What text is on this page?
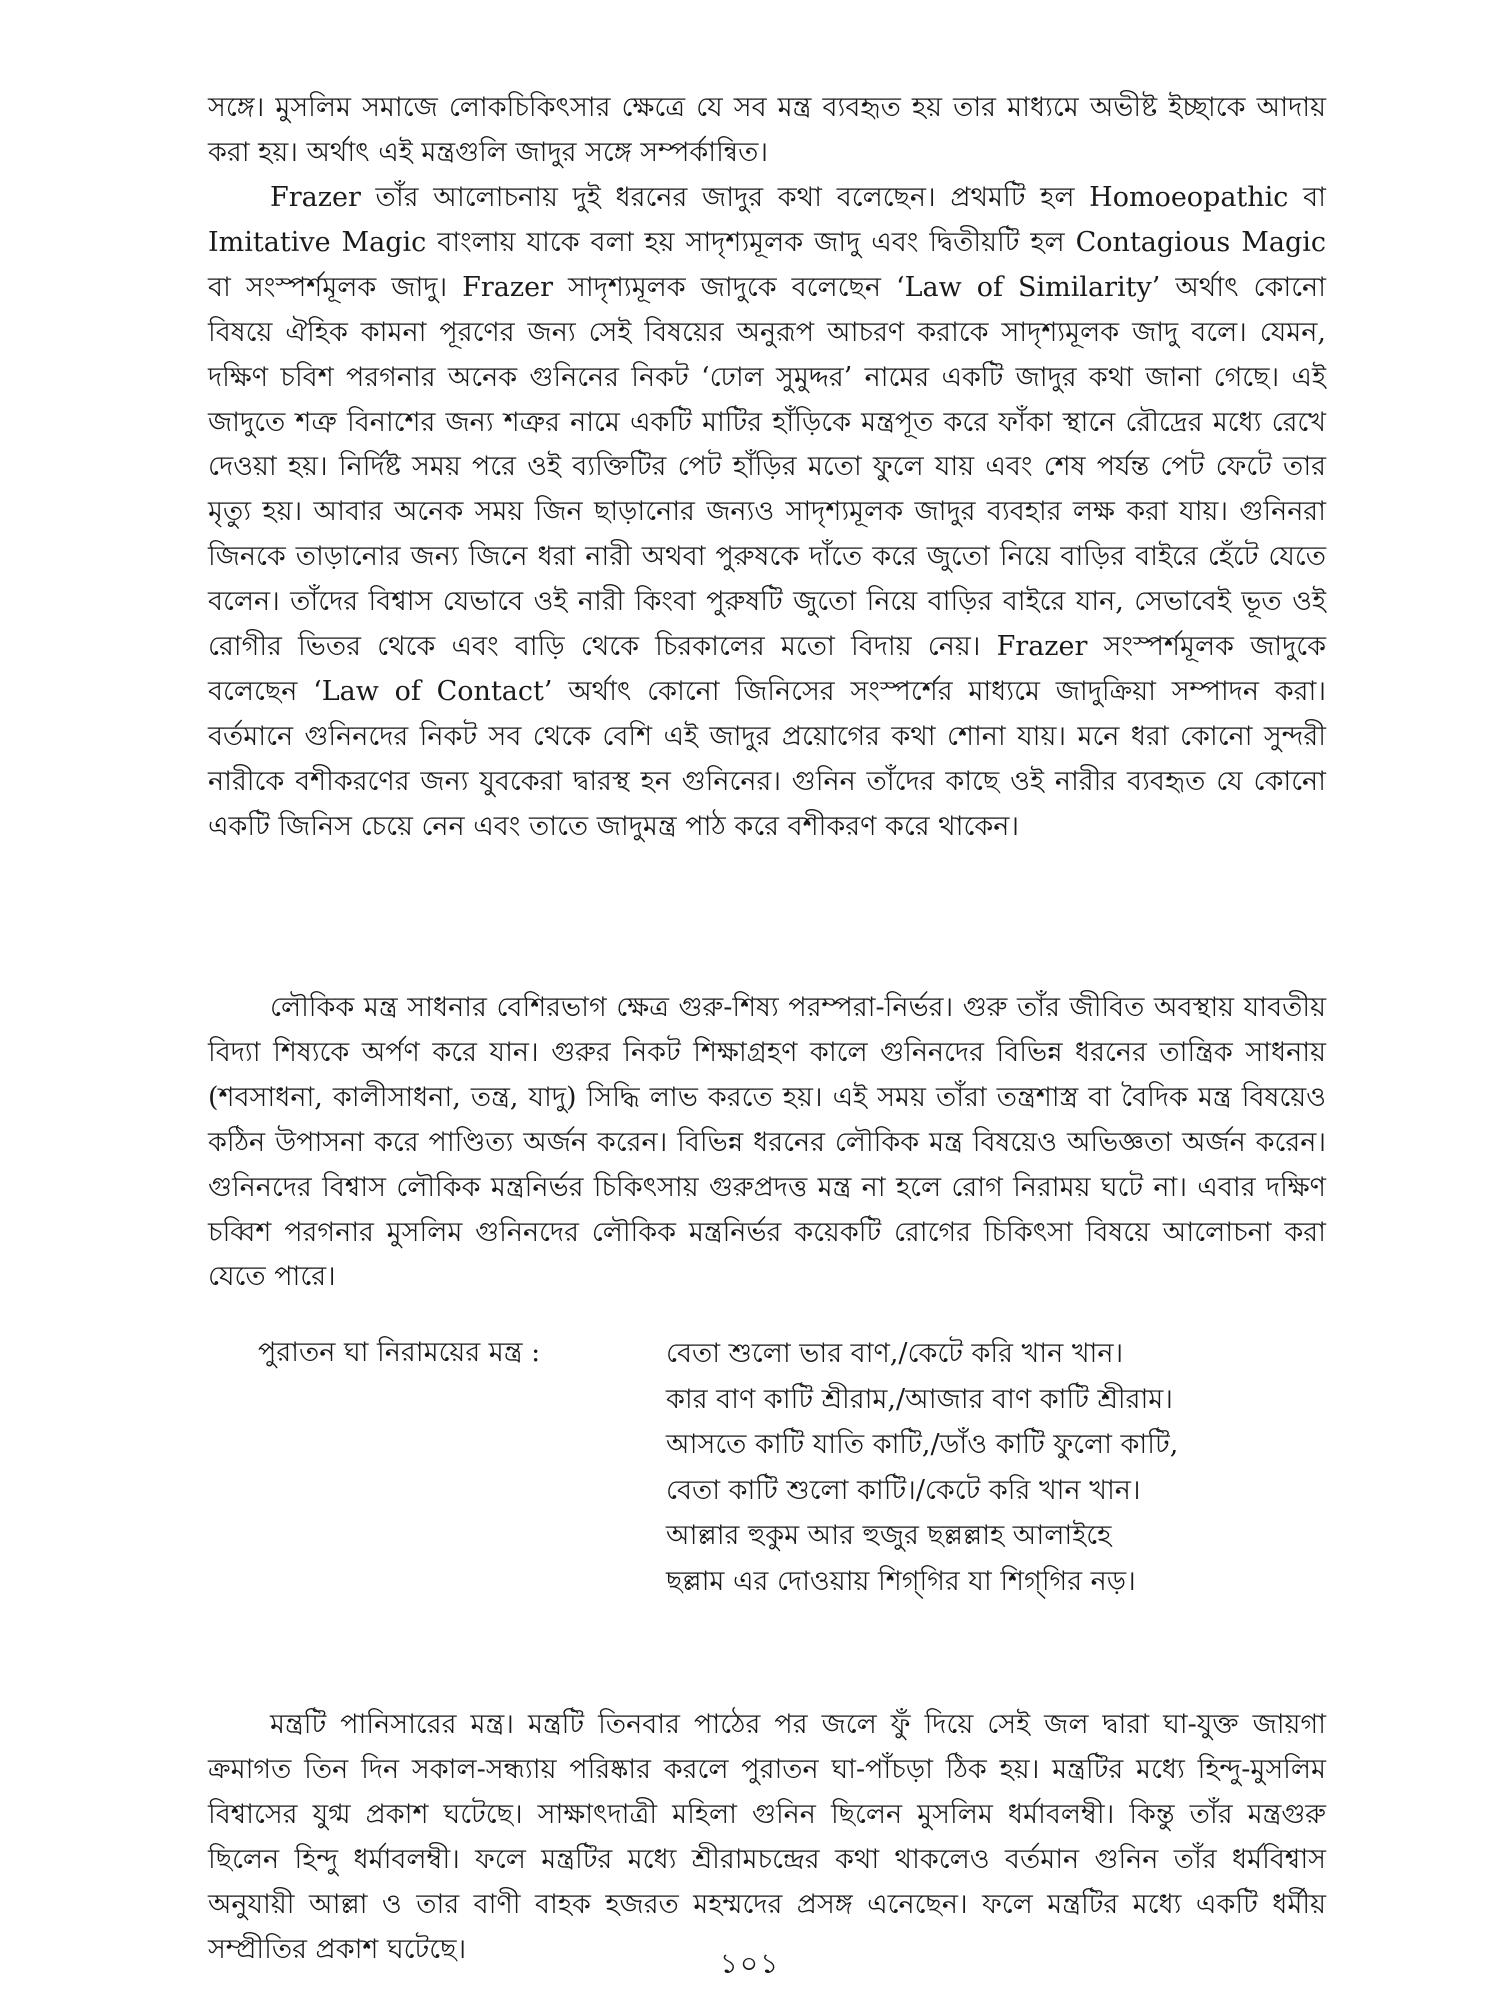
সঙ্গে। মুসলিম সমাজে লোকচিকিৎসার ক্ষেত্রে যে সব মন্ত্র ব্যবহৃত হয় তার মাধ্যমে অভীষ্ট ইচ্ছাকে আদায় করা হয়। অর্থাৎ এই মন্ত্রগুলি জাদুর সঙ্গে সম্পর্কান্বিত।

Frazer তাঁর আলোচনায় দুই ধরনের জাদুর কথা বলেছেন। প্রথমটি হল Homoeopathic বা Imitative Magic বাংলায় যাকে বলা হয় সাদৃশ্যমূলক জাদু এবং দ্বিতীয়টি হল Contagious Magic বা সংস্পর্শমূলক জাদু। Frazer সাদৃশ্যমূলক জাদুকে বলেছেন ‘Law of Similarity’ অর্থাৎ কোনো বিষয়ে ঐহিক কামনা পূরণের জন্য সেই বিষয়ের অনুরূপ আচরণ করাকে সাদৃশ্যমূলক জাদু বলে। যেমন, দক্ষিণ চবিশ পরগনার অনেক গুনিনের নিকট ‘ঢোল সুমুদ্দর’ নামের একটি জাদুর কথা জানা গেছে। এই জাদুতে শত্রু বিনাশের জন্য শত্রুর নামে একটি মাটির হাঁড়িকে মন্ত্রপূত করে ফাঁকা স্থানে রৌদ্রের মধ্যে রেখে দেওয়া হয়। নির্দিষ্ট সময় পরে ওই ব্যক্তিটির পেট হাঁড়ির মতো ফুলে যায় এবং শেষ পর্যন্ত পেট ফেটে তার মৃত্যু হয়। আবার অনেক সময় জিন ছাড়ানোর জন্যও সাদৃশ্যমূলক জাদুর ব্যবহার লক্ষ করা যায়। গুনিনরা জিনকে তাড়ানোর জন্য জিনে ধরা নারী অথবা পুরুষকে দাঁতে করে জুতো নিয়ে বাড়ির বাইরে হেঁটে যেতে বলেন। তাঁদের বিশ্বাস যেভাবে ওই নারী কিংবা পুরুষটি জুতো নিয়ে বাড়ির বাইরে যান, সেভাবেই ভূত ওই রোগীর ভিতর থেকে এবং বাড়ি থেকে চিরকালের মতো বিদায় নেয়। Frazer সংস্পর্শমূলক জাদুকে বলেছেন ‘Law of Contact’ অর্থাৎ কোনো জিনিসের সংস্পর্শের মাধ্যমে জাদুক্রিয়া সম্পাদন করা। বর্তমানে গুনিনদের নিকট সব থেকে বেশি এই জাদুর প্রয়োগের কথা শোনা যায়। মনে ধরা কোনো সুন্দরী নারীকে বশীকরণের জন্য যুবকেরা দ্বারস্থ হন গুনিনের। গুনিন তাঁদের কাছে ওই নারীর ব্যবহৃত যে কোনো একটি জিনিস চেয়ে নেন এবং তাতে জাদুমন্ত্র পাঠ করে বশীকরণ করে থাকেন।

লৌকিক মন্ত্র সাধনার বেশিরভাগ ক্ষেত্র গুরু-শিষ্য পরম্পরা-নির্ভর। গুরু তাঁর জীবিত অবস্থায় যাবতীয় বিদ্যা শিষ্যকে অর্পণ করে যান। গুরুর নিকট শিক্ষাগ্রহণ কালে গুনিনদের বিভিন্ন ধরনের তান্ত্রিক সাধনায় (শবসাধনা, কালীসাধনা, তন্ত্র, যাদু) সিদ্ধি লাভ করতে হয়। এই সময় তাঁরা তন্ত্রশাস্ত্র বা বৈদিক মন্ত্র বিষয়েও কঠিন উপাসনা করে পাণ্ডিত্য অর্জন করেন। বিভিন্ন ধরনের লৌকিক মন্ত্র বিষয়েও অভিজ্ঞতা অর্জন করেন। গুনিনদের বিশ্বাস লৌকিক মন্ত্রনির্ভর চিকিৎসায় গুরুপ্রদত্ত মন্ত্র না হলে রোগ নিরাময় ঘটে না। এবার দক্ষিণ চব্বিশ পরগনার মুসলিম গুনিনদের লৌকিক মন্ত্রনির্ভর কয়েকটি রোগের চিকিৎসা বিষয়ে আলোচনা করা যেতে পারে।

পুরাতন ঘা নিরাময়ের মন্ত্র :	বেতা শুলো ভার বাণ,/কেটে করি খান খান।
কার বাণ কাটি শ্রীরাম,/আজার বাণ কাটি শ্রীরাম।
আসতে কাটি যাতি কাটি,/ডাঁও কাটি ফুলো কাটি,
বেতা কাটি শুলো কাটি।/কেটে করি খান খান।
আল্লার হুকুম আর হুজুর ছল্লল্লাহ আলাইহে
ছল্লাম এর দোওয়ায় শিগ্‌গির যা শিগ্‌গির নড়।

মন্ত্রটি পানিসারের মন্ত্র। মন্ত্রটি তিনবার পাঠের পর জলে ফুঁ দিয়ে সেই জল দ্বারা ঘা-যুক্ত জায়গা ক্রমাগত তিন দিন সকাল-সন্ধ্যায় পরিষ্কার করলে পুরাতন ঘা-পাঁচড়া ঠিক হয়। মন্ত্রটির মধ্যে হিন্দু-মুসলিম বিশ্বাসের যুগ্ম প্রকাশ ঘটেছে। সাক্ষাৎদাত্রী মহিলা গুনিন ছিলেন মুসলিম ধর্মাবলম্বী। কিন্তু তাঁর মন্ত্রগুরু ছিলেন হিন্দু ধর্মাবলম্বী। ফলে মন্ত্রটির মধ্যে শ্রীরামচন্দ্রের কথা থাকলেও বর্তমান গুনিন তাঁর ধর্মবিশ্বাস অনুযায়ী আল্লা ও তার বাণী বাহক হজরত মহম্মদের প্রসঙ্গ এনেছেন। ফলে মন্ত্রটির মধ্যে একটি ধর্মীয় সম্প্রীতির প্রকাশ ঘটেছে।	১০১
